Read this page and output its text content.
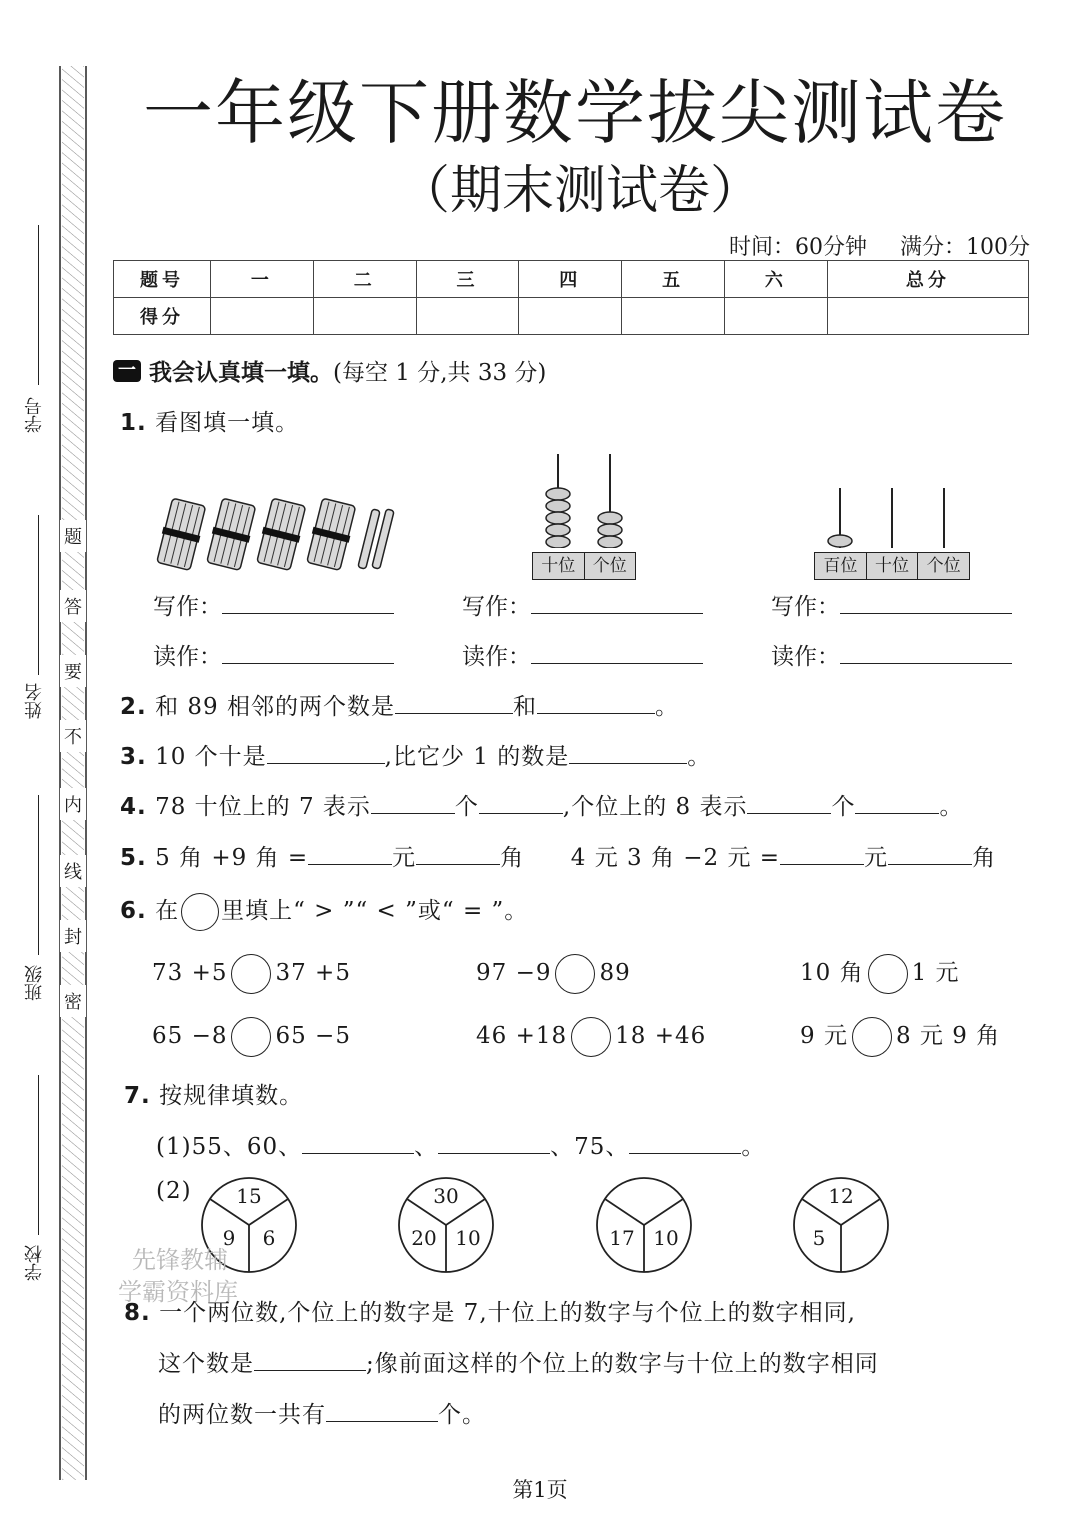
题
答
要
不
内
线
封
密
学号
姓名
班级
学校
一年级下册数学拔尖测试卷
（期末测试卷）
时间：60分钟 满分：100分
题号	一	二	三	四	五	六	总分
得分							
一 我会认真填一填。 (每空 1 分,共 33 分)
1. 看图填一填。
十位	个位	百位	十位	个位
写作：
读作：
写作：
读作：
写作：
读作：
2. 和 89 相邻的两个数是	和	。
3. 10 个十是	,比它少 1 的数是	。
4. 78 十位上的 7 表示	个	,个位上的 8 表示	个	。
5. 5 角 +9 角 =	元	角 4 元 3 角 −2 元 =	元	角
6. 在 里填上“ > ”“ < ”或“ = ”。
73 +5 37 +5	97 −9 89	10 角 1 元
65 −8 65 −5	46 +18 18 +46	9 元 8 元 9 角
7. 按规律填数。
(1)55、60、	、	、75、	。
(2)	15
9	6
30
20 10	17 10
12
5
先锋教辅
学霸资料库
8. 一个两位数,个位上的数字是 7,十位上的数字与个位上的数字相同,
这个数是	;像前面这样的个位上的数字与十位上的数字相同
的两位数一共有	个。
第1页
